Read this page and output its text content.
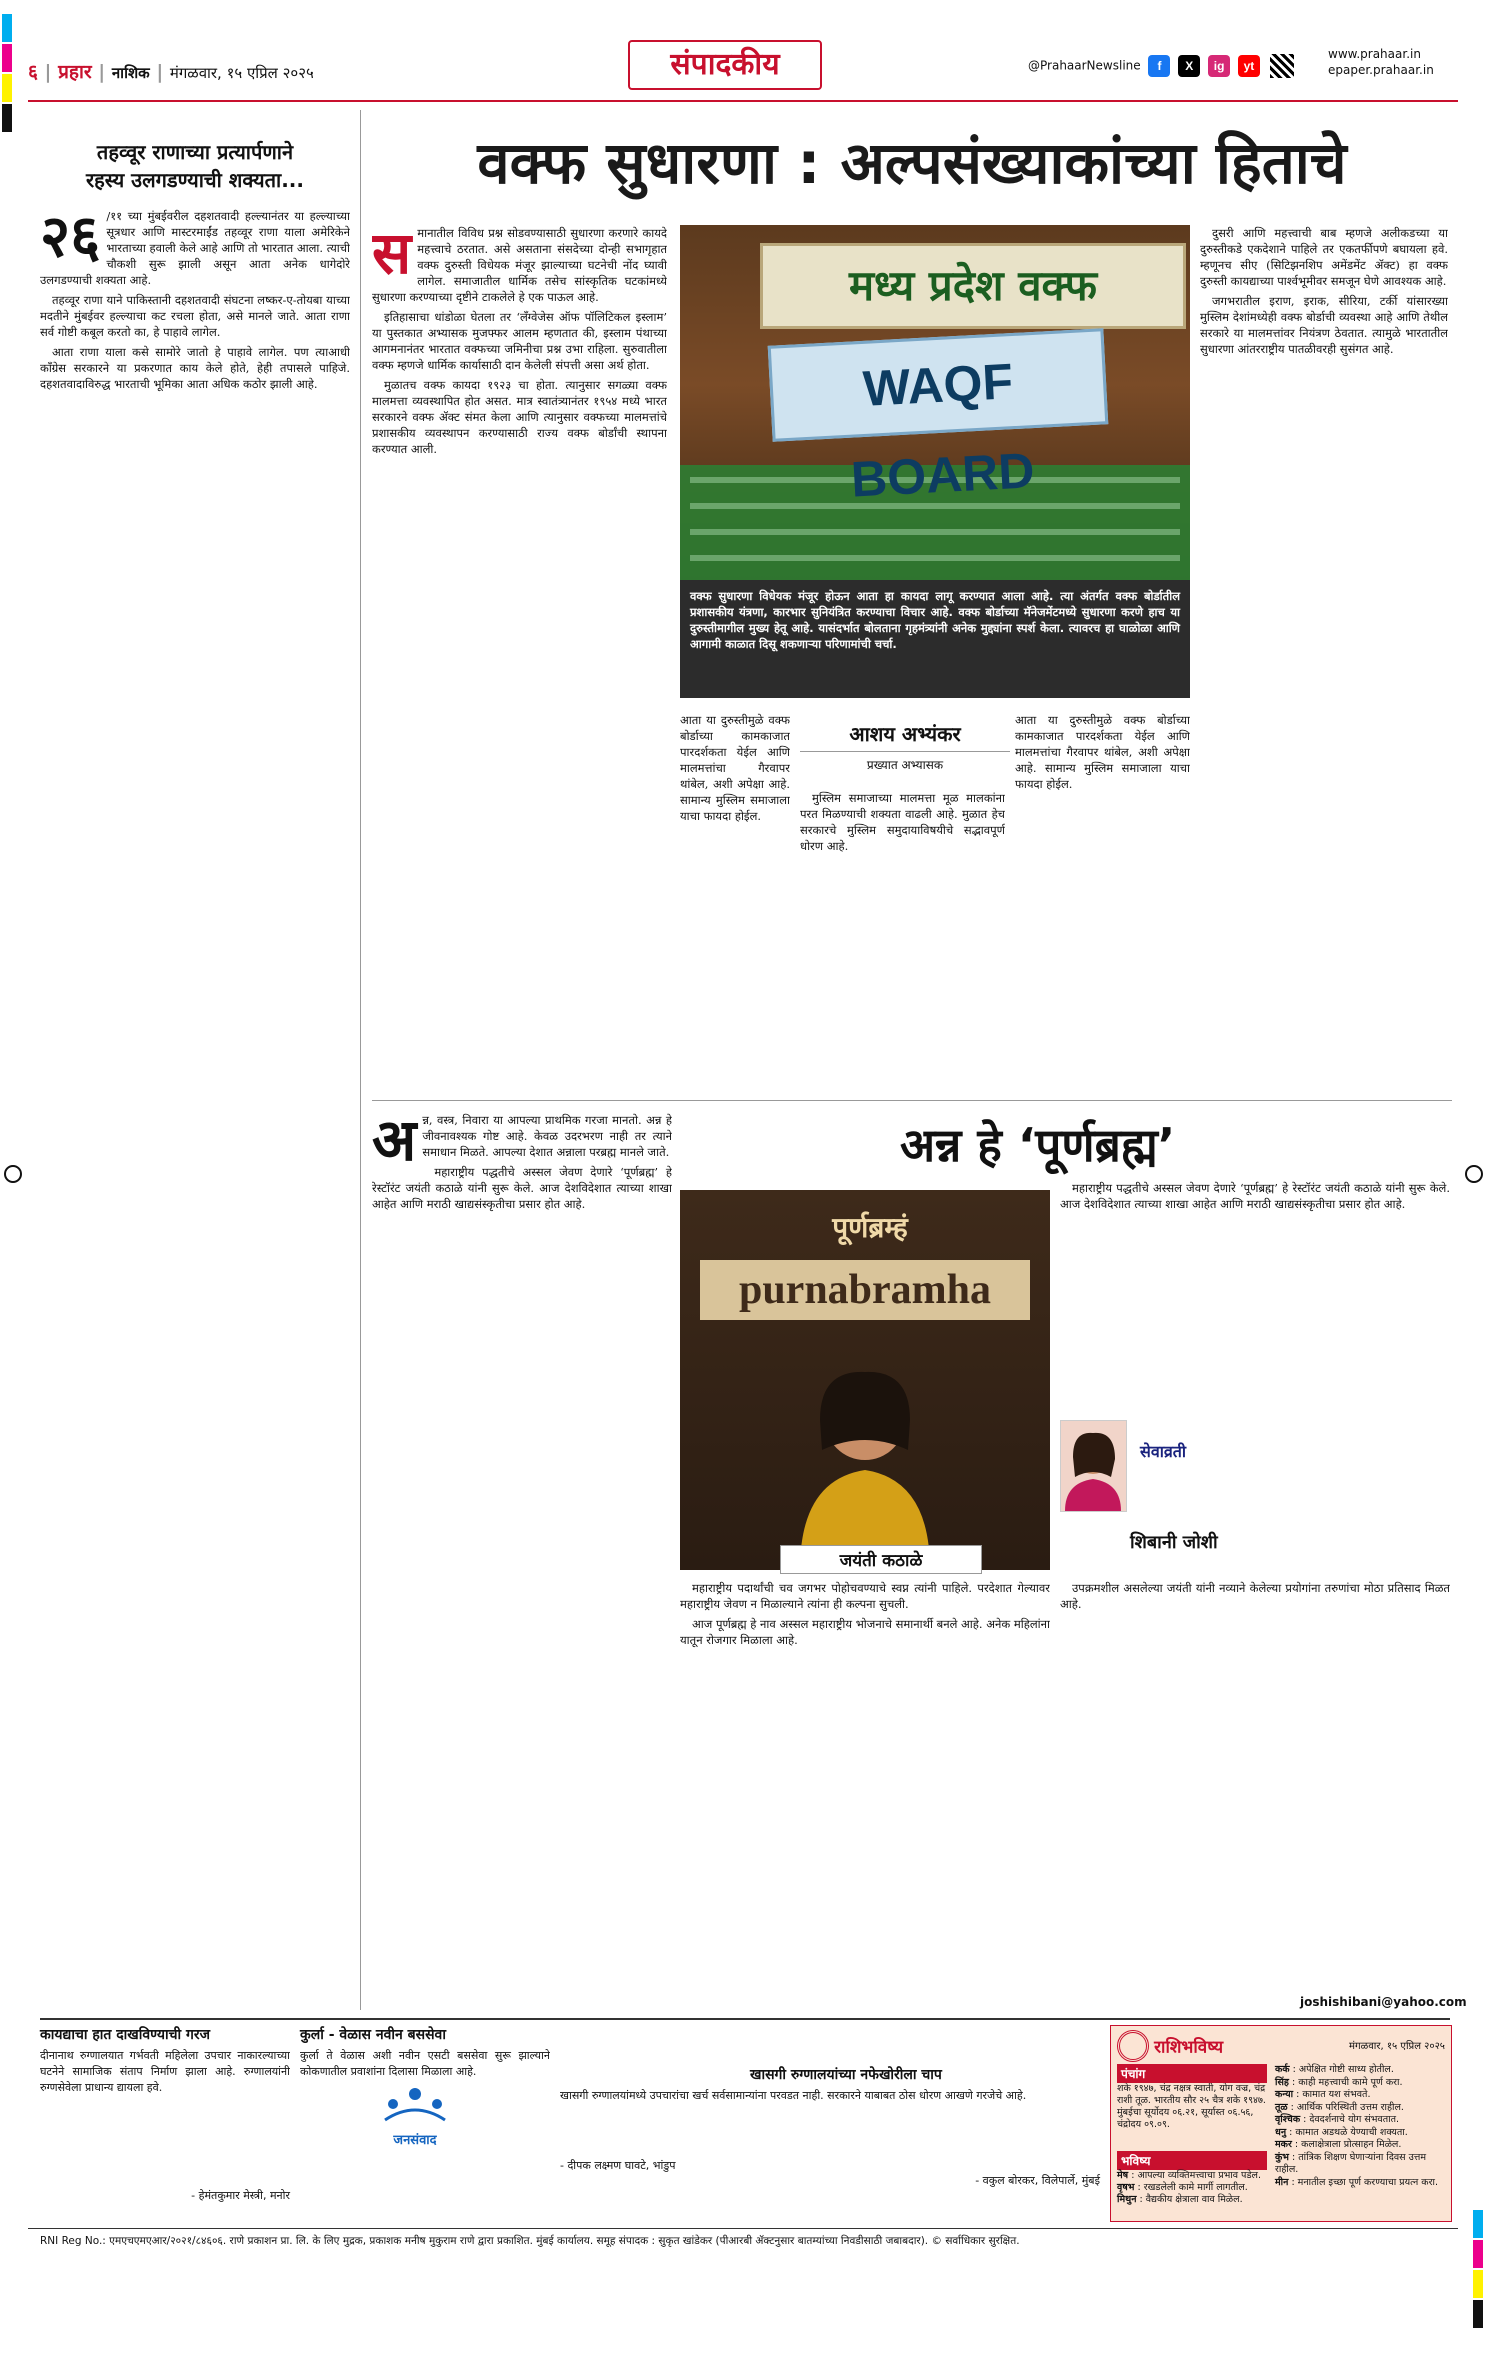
६ | प्रहार | नाशिक | मंगळवार, १५ एप्रिल २०२५	संपादकीय	@PrahaarNewsline f X ig yt
www.prahaar.in
epaper.prahaar.in
तहव्वूर राणाच्या प्रत्यार्पणाने
रहस्य उलगडण्याची शक्यता...
२६ /११ च्या मुंबईवरील दहशतवादी हल्ल्यानंतर या हल्ल्याच्या सूत्रधार आणि मास्टरमाईंड तहव्वूर राणा याला अमेरिकेने भारताच्या हवाली केले आहे आणि तो भारतात आला. त्याची चौकशी सुरू झाली असून आता अनेक धागेदोरे उलगडण्याची शक्यता आहे.

तहव्वूर राणा याने पाकिस्तानी दहशतवादी संघटना लष्कर-ए-तोयबा याच्या मदतीने मुंबईवर हल्ल्याचा कट रचला होता, असे मानले जाते. आता राणा सर्व गोष्टी कबूल करतो का, हे पाहावे लागेल.

आता राणा याला कसे सामोरे जातो हे पाहावे लागेल. पण त्याआधी काँग्रेस सरकारने या प्रकरणात काय केले होते, हेही तपासले पाहिजे. दहशतवादाविरुद्ध भारताची भूमिका आता अधिक कठोर झाली आहे.

वक्फ सुधारणा : अल्पसंख्याकांच्या हिताचे
स मानातील विविध प्रश्न सोडवण्यासाठी सुधारणा करणारे कायदे महत्त्वाचे ठरतात. असे असताना संसदेच्या दोन्ही सभागृहात वक्फ दुरुस्ती विधेयक मंजूर झाल्याच्या घटनेची नोंद घ्यावी लागेल. समाजातील धार्मिक तसेच सांस्कृतिक घटकांमध्ये सुधारणा करण्याच्या दृष्टीने टाकलेले हे एक पाऊल आहे.

इतिहासाचा धांडोळा घेतला तर ‘लॅंग्वेजेस ऑफ पॉलिटिकल इस्लाम’ या पुस्तकात अभ्यासक मुजफ्फर आलम म्हणतात की, इस्लाम पंथाच्या आगमनानंतर भारतात वक्फच्या जमिनीचा प्रश्न उभा राहिला. सुरुवातीला वक्फ म्हणजे धार्मिक कार्यासाठी दान केलेली संपत्ती असा अर्थ होता.

मुळातच वक्फ कायदा १९२३ चा होता. त्यानुसार सगळ्या वक्फ मालमत्ता व्यवस्थापित होत असत. मात्र स्वातंत्र्यानंतर १९५४ मध्ये भारत सरकारने वक्फ ॲक्ट संमत केला आणि त्यानुसार वक्फच्या मालमत्तांचे प्रशासकीय व्यवस्थापन करण्यासाठी राज्य वक्फ बोर्डांची स्थापना करण्यात आली.

मध्य प्रदेश वक्फ
WAQF BOARD
वक्फ सुधारणा विधेयक मंजूर होऊन आता हा कायदा लागू करण्यात आला आहे. त्या अंतर्गत वक्फ बोर्डातील प्रशासकीय यंत्रणा, कारभार सुनियंत्रित करण्याचा विचार आहे. वक्फ बोर्डाच्या मॅनेजमेंटमध्ये सुधारणा करणे हाच या दुरुस्तीमागील मुख्य हेतू आहे. यासंदर्भात बोलताना गृहमंत्र्यांनी अनेक मुद्द्यांना स्पर्श केला. त्यावरच हा घाळोळा आणि आगामी काळात दिसू शकणाऱ्या परिणामांची चर्चा.
आशय अभ्यंकर
प्रख्यात अभ्यासक

आता या दुरुस्तीमुळे वक्फ बोर्डाच्या कामकाजात पारदर्शकता येईल आणि मालमत्तांचा गैरवापर थांबेल, अशी अपेक्षा आहे. सामान्य मुस्लिम समाजाला याचा फायदा होईल.

मुस्लिम समाजाच्या मालमत्ता मूळ मालकांना परत मिळण्याची शक्यता वाढली आहे. मुळात हेच सरकारचे मुस्लिम समुदायाविषयीचे सद्भावपूर्ण धोरण आहे.

आता या दुरुस्तीमुळे वक्फ बोर्डाच्या कामकाजात पारदर्शकता येईल आणि मालमत्तांचा गैरवापर थांबेल, अशी अपेक्षा आहे. सामान्य मुस्लिम समाजाला याचा फायदा होईल.

दुसरी आणि महत्त्वाची बाब म्हणजे अलीकडच्या या दुरुस्तीकडे एकदेशाने पाहिले तर एकतर्फीपणे बघायला हवे. म्हणूनच सीए (सिटिझनशिप अमेंडमेंट ॲक्ट) हा वक्फ दुरुस्ती कायद्याच्या पार्श्वभूमीवर समजून घेणे आवश्यक आहे.

जगभरातील इराण, इराक, सीरिया, टर्की यांसारख्या मुस्लिम देशांमध्येही वक्फ बोर्डाची व्यवस्था आहे आणि तेथील सरकारे या मालमत्तांवर नियंत्रण ठेवतात. त्यामुळे भारतातील सुधारणा आंतरराष्ट्रीय पातळीवरही सुसंगत आहे.

अ न्न, वस्त्र, निवारा या आपल्या प्राथमिक गरजा मानतो. अन्न हे जीवनावश्यक गोष्ट आहे. केवळ उदरभरण नाही तर त्याने समाधान मिळते. आपल्या देशात अन्नाला परब्रह्म मानले जाते.

महाराष्ट्रीय पद्धतीचे अस्सल जेवण देणारे ‘पूर्णब्रह्म’ हे रेस्टॉरंट जयंती कठाळे यांनी सुरू केले. आज देशविदेशात त्याच्या शाखा आहेत आणि मराठी खाद्यसंस्कृतीचा प्रसार होत आहे.

अन्न हे ‘पूर्णब्रह्म’
पूर्णब्रम्हं
purnabramha
जयंती कठाळे
सेवाव्रती
शिबानी जोशी

महाराष्ट्रीय पदार्थांची चव जगभर पोहोचवण्याचे स्वप्न त्यांनी पाहिले. परदेशात गेल्यावर महाराष्ट्रीय जेवण न मिळाल्याने त्यांना ही कल्पना सुचली.

आज पूर्णब्रह्म हे नाव अस्सल महाराष्ट्रीय भोजनाचे समानार्थी बनले आहे. अनेक महिलांना यातून रोजगार मिळाला आहे.

महाराष्ट्रीय पद्धतीचे अस्सल जेवण देणारे ‘पूर्णब्रह्म’ हे रेस्टॉरंट जयंती कठाळे यांनी सुरू केले. आज देशविदेशात त्याच्या शाखा आहेत आणि मराठी खाद्यसंस्कृतीचा प्रसार होत आहे.

उपक्रमशील असलेल्या जयंती यांनी नव्याने केलेल्या प्रयोगांना तरुणांचा मोठा प्रतिसाद मिळत आहे.

joshishibani@yahoo.com
कायद्याचा हात दाखविण्याची गरज
दीनानाथ रुग्णालयात गर्भवती महिलेला उपचार नाकारल्याच्या घटनेने सामाजिक संताप निर्माण झाला आहे. रुग्णालयांनी रुग्णसेवेला प्राधान्य द्यायला हवे.
- हेमंतकुमार मेस्त्री, मनोर
कुर्ला - वेळास नवीन बससेवा
कुर्ला ते वेळास अशी नवीन एसटी बससेवा सुरू झाल्याने कोकणातील प्रवाशांना दिलासा मिळाला आहे.
जनसंवाद
खासगी रुग्णालयांच्या नफेखोरीला चाप
खासगी रुग्णालयांमध्ये उपचारांचा खर्च सर्वसामान्यांना परवडत नाही. सरकारने याबाबत ठोस धोरण आखणे गरजेचे आहे.
- दीपक लक्ष्मण घावटे, भांडुप
- वकुल बोरकर, विलेपार्ले, मुंबई
राशिभविष्य	मंगळवार, १५ एप्रिल २०२५
पंचांग
शके १९४७, चंद्र नक्षत्र स्वाती, योग वज्र, चंद्र राशी तूळ. भारतीय सौर २५ चैत्र शके १९४७. मुंबईचा सूर्योदय ०६.२१, सूर्यास्त ०६.५६, चंद्रोदय ०९.०९.
भविष्य
मेष : आपल्या व्यक्तिमत्त्वाचा प्रभाव पडेल.
वृषभ : रखडलेली कामे मार्गी लागतील.
मिथुन : वैद्यकीय क्षेत्राला वाव मिळेल.
कर्क : अपेक्षित गोष्टी साध्य होतील.
सिंह : काही महत्त्वाची कामे पूर्ण करा.
कन्या : कामात यश संभवते.
तूळ : आर्थिक परिस्थिती उत्तम राहील.
वृश्चिक : देवदर्शनाचे योग संभवतात.
धनु : कामात अडथळे येण्याची शक्यता.
मकर : कलाक्षेत्राला प्रोत्साहन मिळेल.
कुंभ : तांत्रिक शिक्षण घेणाऱ्यांना दिवस उत्तम राहील.
मीन : मनातील इच्छा पूर्ण करण्याचा प्रयत्न करा.
RNI Reg No.: एमएचएमएआर/२०२१/८४६०६. राणे प्रकाशन प्रा. लि. के लिए मुद्रक, प्रकाशक मनीष मुकुराम राणे द्वारा प्रकाशित. मुंबई कार्यालय. समूह संपादक : सुकृत खांडेकर (पीआरबी ॲक्टनुसार बातम्यांच्या निवडीसाठी जबाबदार). © सर्वाधिकार सुरक्षित.
